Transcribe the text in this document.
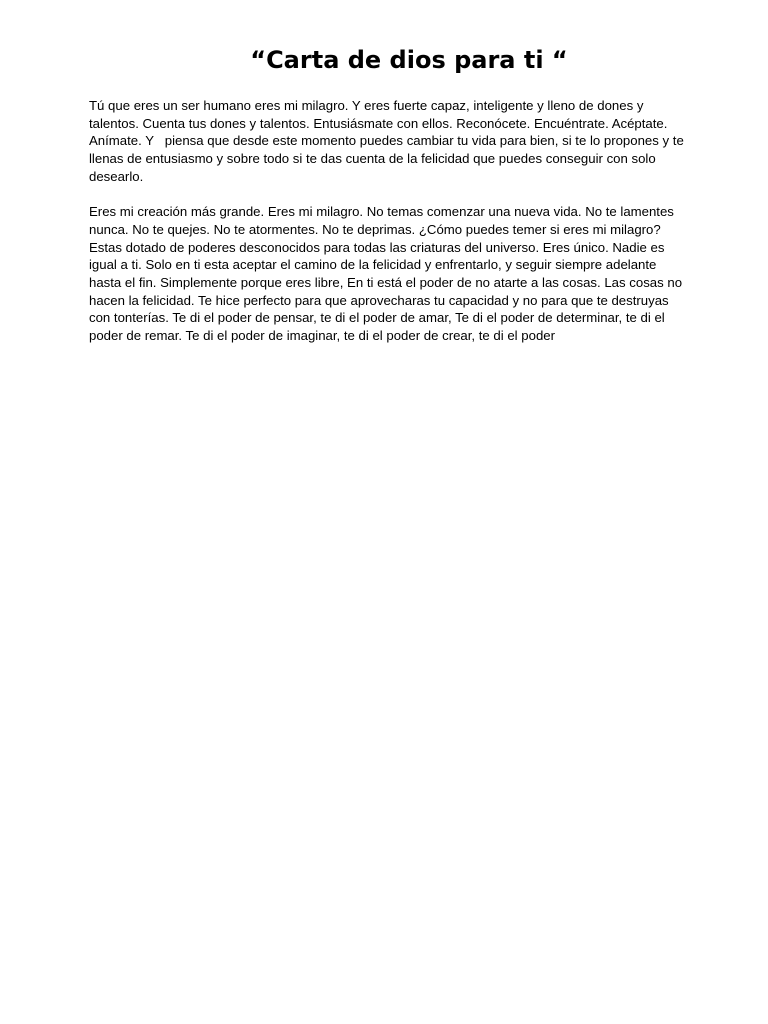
“Carta de dios para ti “
Tú que eres un ser humano eres mi milagro. Y eres fuerte capaz, inteligente y lleno de dones y
talentos. Cuenta tus dones y talentos. Entusiásmate con ellos. Reconócete. Encuéntrate. Acéptate.
Anímate. Y   piensa que desde este momento puedes cambiar tu vida para bien, si te lo propones y te
llenas de entusiasmo y sobre todo si te das cuenta de la felicidad que puedes conseguir con solo
desearlo.
Eres mi creación más grande. Eres mi milagro. No temas comenzar una nueva vida. No te lamentes
nunca. No te quejes. No te atormentes. No te deprimas. ¿Cómo puedes temer si eres mi milagro?
Estas dotado de poderes desconocidos para todas las criaturas del universo. Eres único. Nadie es
igual a ti. Solo en ti esta aceptar el camino de la felicidad y enfrentarlo, y seguir siempre adelante
hasta el fin. Simplemente porque eres libre, En ti está el poder de no atarte a las cosas. Las cosas no
hacen la felicidad. Te hice perfecto para que aprovecharas tu capacidad y no para que te destruyas
con tonterías. Te di el poder de pensar, te di el poder de amar, Te di el poder de determinar, te di el
poder de remar. Te di el poder de imaginar, te di el poder de crear, te di el poder
